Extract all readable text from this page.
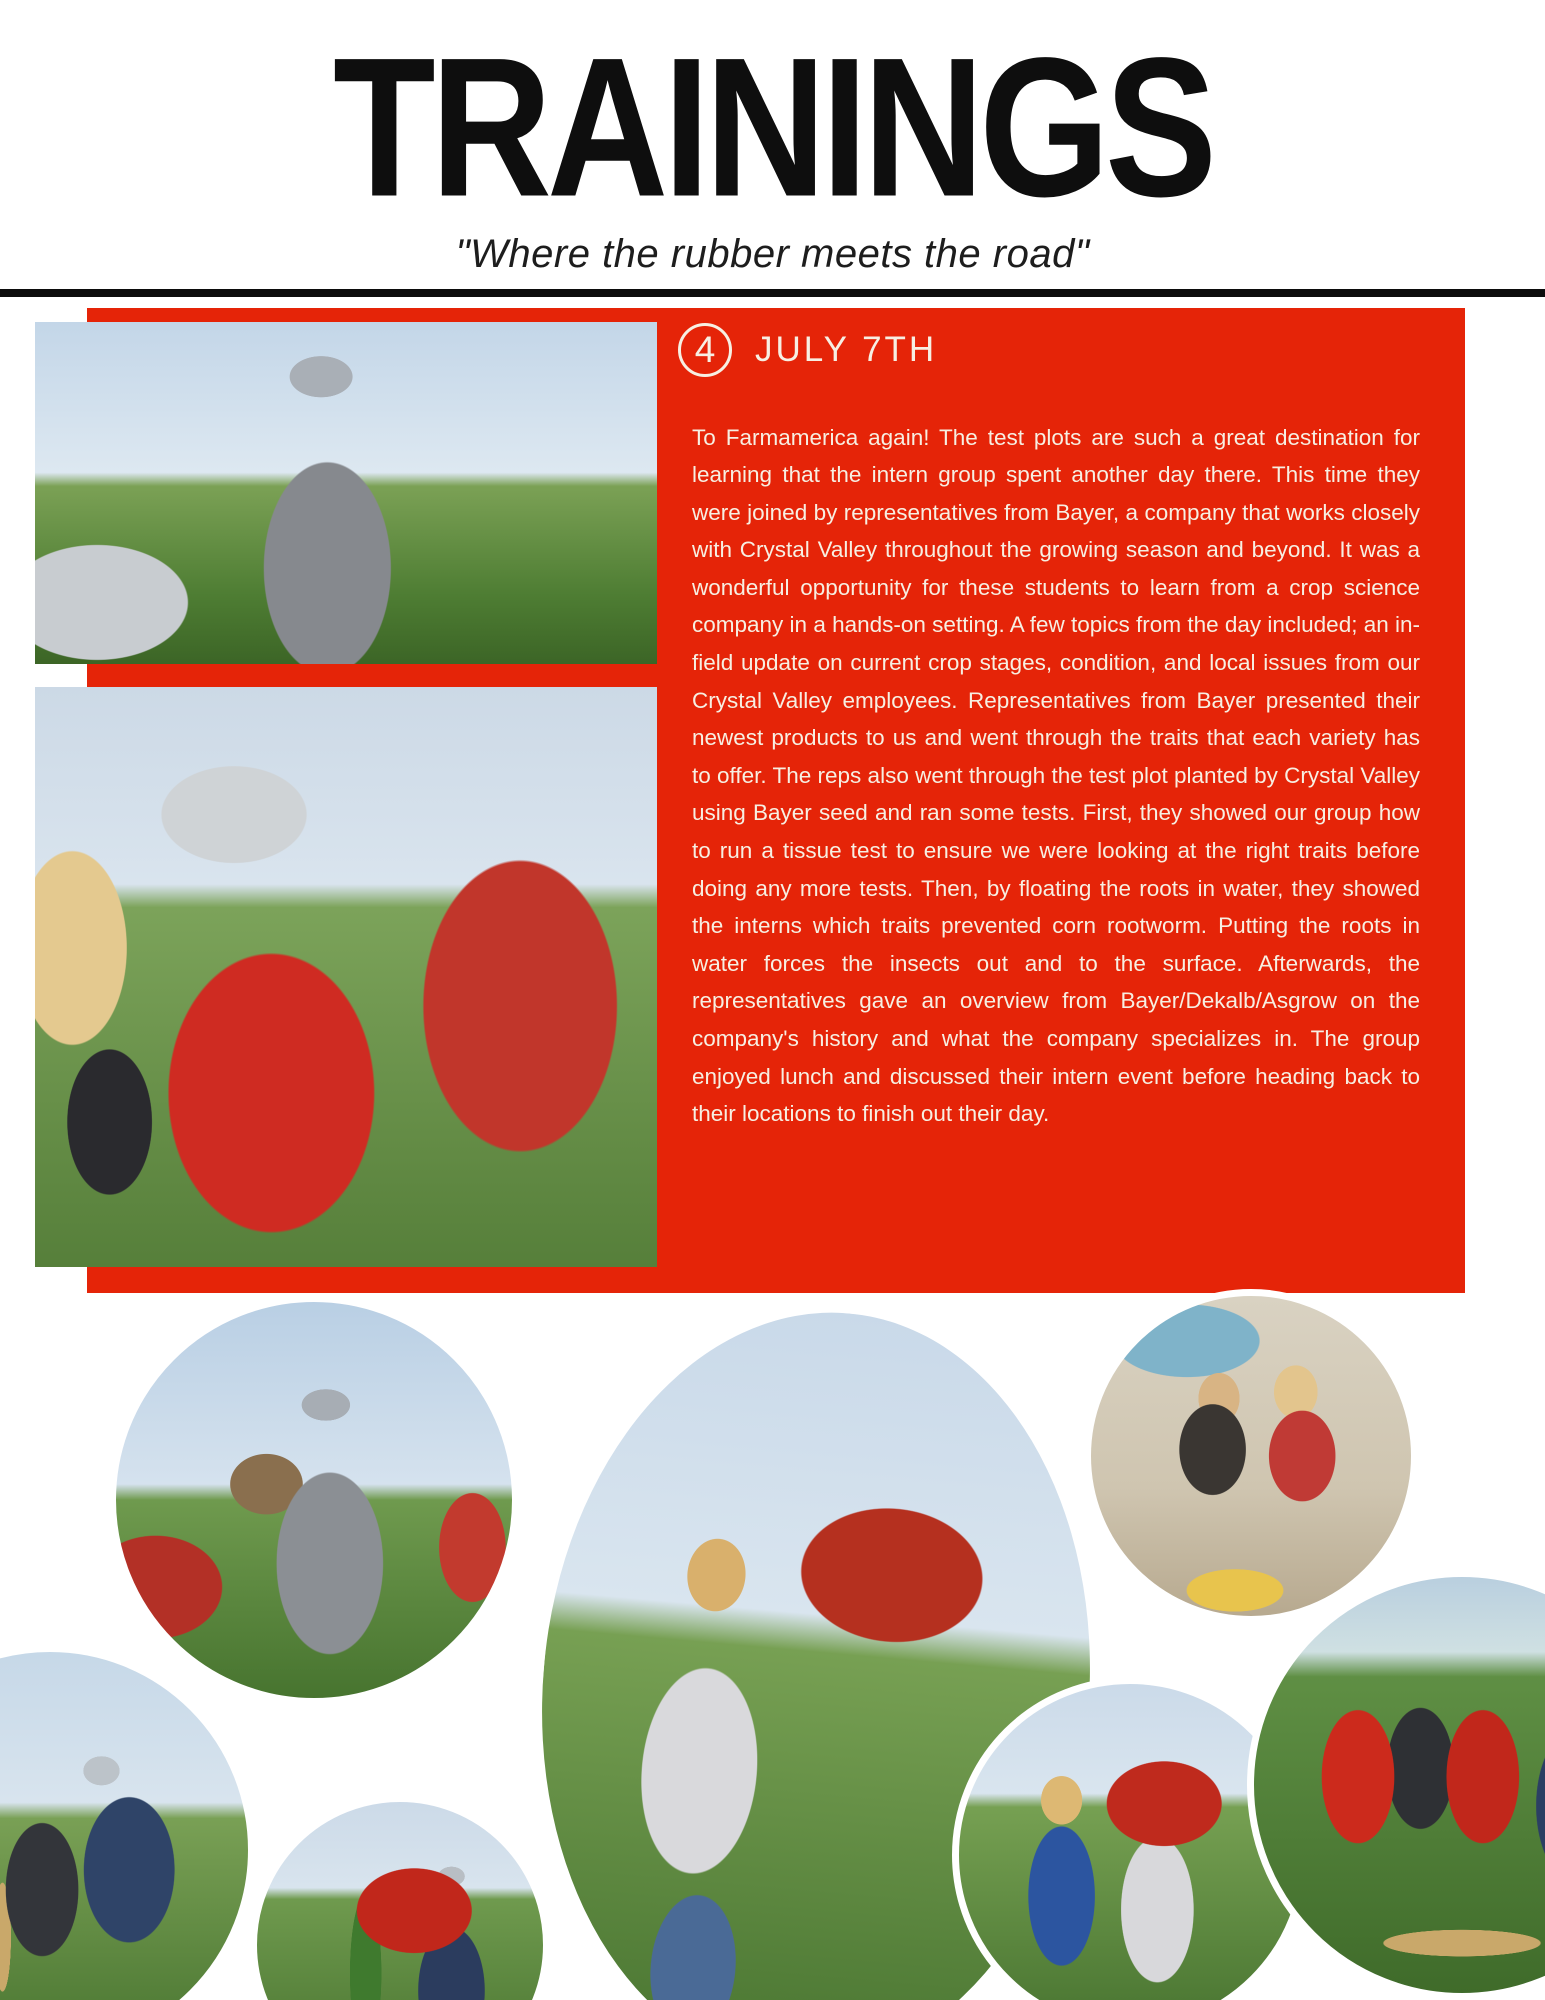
TRAININGS
"Where the rubber meets the road"
4	JULY 7TH

To Farmamerica again! The test plots are such a great destination for learning that the intern group spent another day there. This time they were joined by representatives from Bayer, a company that works closely with Crystal Valley throughout the growing season and beyond. It was a wonderful opportunity for these students to learn from a crop science company in a hands-on setting. A few topics from the day included; an in-field update on current crop stages, condition, and local issues from our Crystal Valley employees. Representatives from Bayer presented their newest products to us and went through the traits that each variety has to offer. The reps also went through the test plot planted by Crystal Valley using Bayer seed and ran some tests. First, they showed our group how to run a tissue test to ensure we were looking at the right traits before doing any more tests. Then, by floating the roots in water, they showed the interns which traits prevented corn rootworm. Putting the roots in water forces the insects out and to the surface. Afterwards, the representatives gave an overview from Bayer/Dekalb/Asgrow on the company's history and what the company specializes in. The group enjoyed lunch and discussed their intern event before heading back to their locations to finish out their day.
